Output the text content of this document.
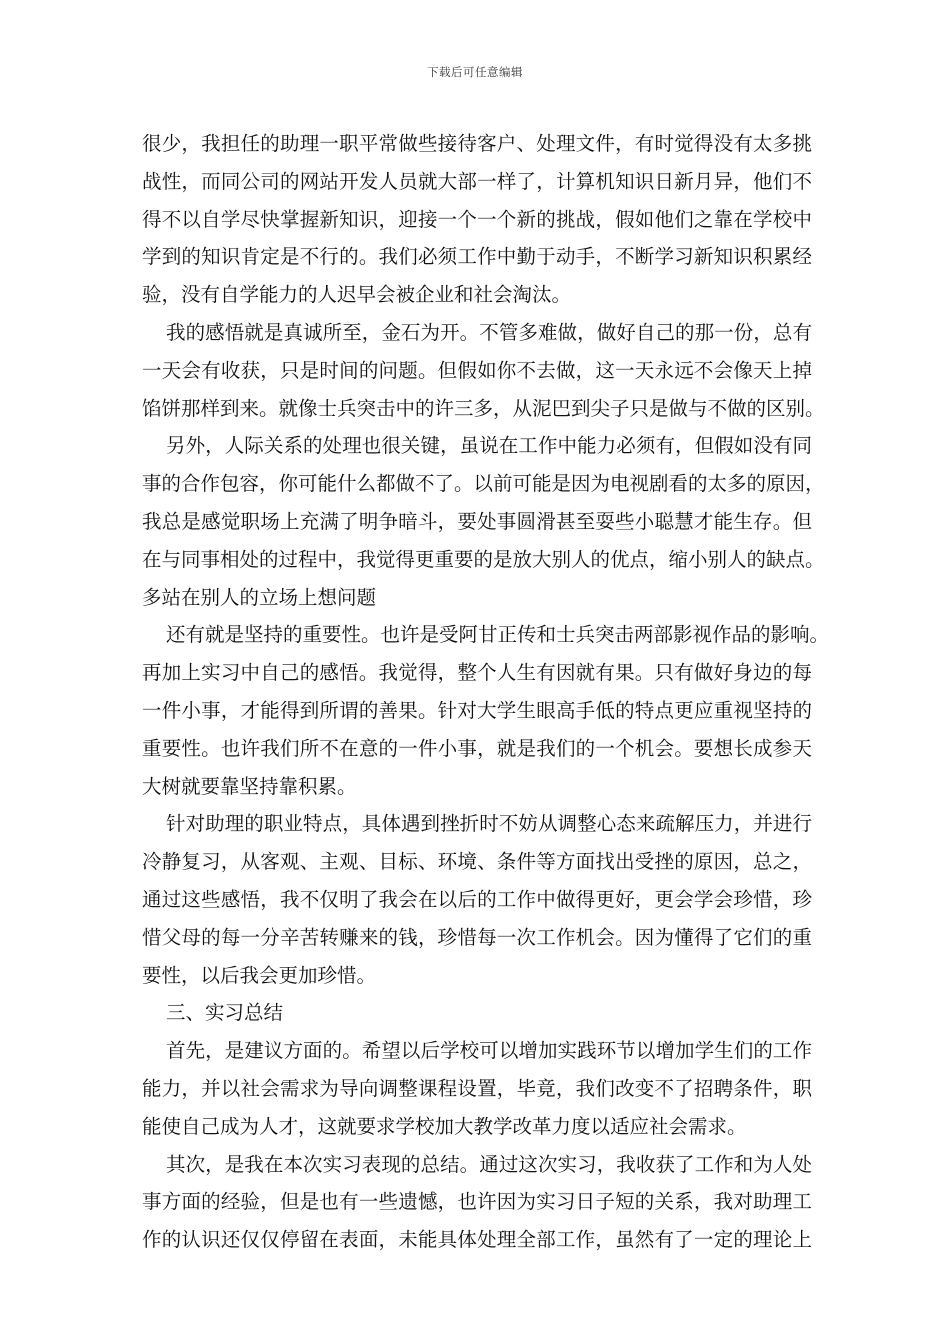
下载后可任意编辑
很少，我担任的助理一职平常做些接待客户、处理文件，有时觉得没有太多挑
战性，而同公司的网站开发人员就大部一样了，计算机知识日新月异，他们不
得不以自学尽快掌握新知识，迎接一个一个新的挑战，假如他们之靠在学校中
学到的知识肯定是不行的。我们必须工作中勤于动手，不断学习新知识积累经
验，没有自学能力的人迟早会被企业和社会淘汰。
我的感悟就是真诚所至，金石为开。不管多难做，做好自己的那一份，总有
一天会有收获，只是时间的问题。但假如你不去做，这一天永远不会像天上掉
馅饼那样到来。就像士兵突击中的许三多，从泥巴到尖子只是做与不做的区别。
另外，人际关系的处理也很关键，虽说在工作中能力必须有，但假如没有同
事的合作包容，你可能什么都做不了。以前可能是因为电视剧看的太多的原因，
我总是感觉职场上充满了明争暗斗，要处事圆滑甚至耍些小聪慧才能生存。但
在与同事相处的过程中，我觉得更重要的是放大别人的优点，缩小别人的缺点。
多站在别人的立场上想问题
还有就是坚持的重要性。也许是受阿甘正传和士兵突击两部影视作品的影响。
再加上实习中自己的感悟。我觉得，整个人生有因就有果。只有做好身边的每
一件小事，才能得到所谓的善果。针对大学生眼高手低的特点更应重视坚持的
重要性。也许我们所不在意的一件小事，就是我们的一个机会。要想长成参天
大树就要靠坚持靠积累。
针对助理的职业特点，具体遇到挫折时不妨从调整心态来疏解压力，并进行
冷静复习，从客观、主观、目标、环境、条件等方面找出受挫的原因，总之，
通过这些感悟，我不仅明了我会在以后的工作中做得更好，更会学会珍惜，珍
惜父母的每一分辛苦转赚来的钱，珍惜每一次工作机会。因为懂得了它们的重
要性，以后我会更加珍惜。
三、实习总结
首先，是建议方面的。希望以后学校可以增加实践环节以增加学生们的工作
能力，并以社会需求为导向调整课程设置，毕竟，我们改变不了招聘条件，职
能使自己成为人才，这就要求学校加大教学改革力度以适应社会需求。
其次，是我在本次实习表现的总结。通过这次实习，我收获了工作和为人处
事方面的经验，但是也有一些遗憾，也许因为实习日子短的关系，我对助理工
作的认识还仅仅停留在表面，未能具体处理全部工作，虽然有了一定的理论上
